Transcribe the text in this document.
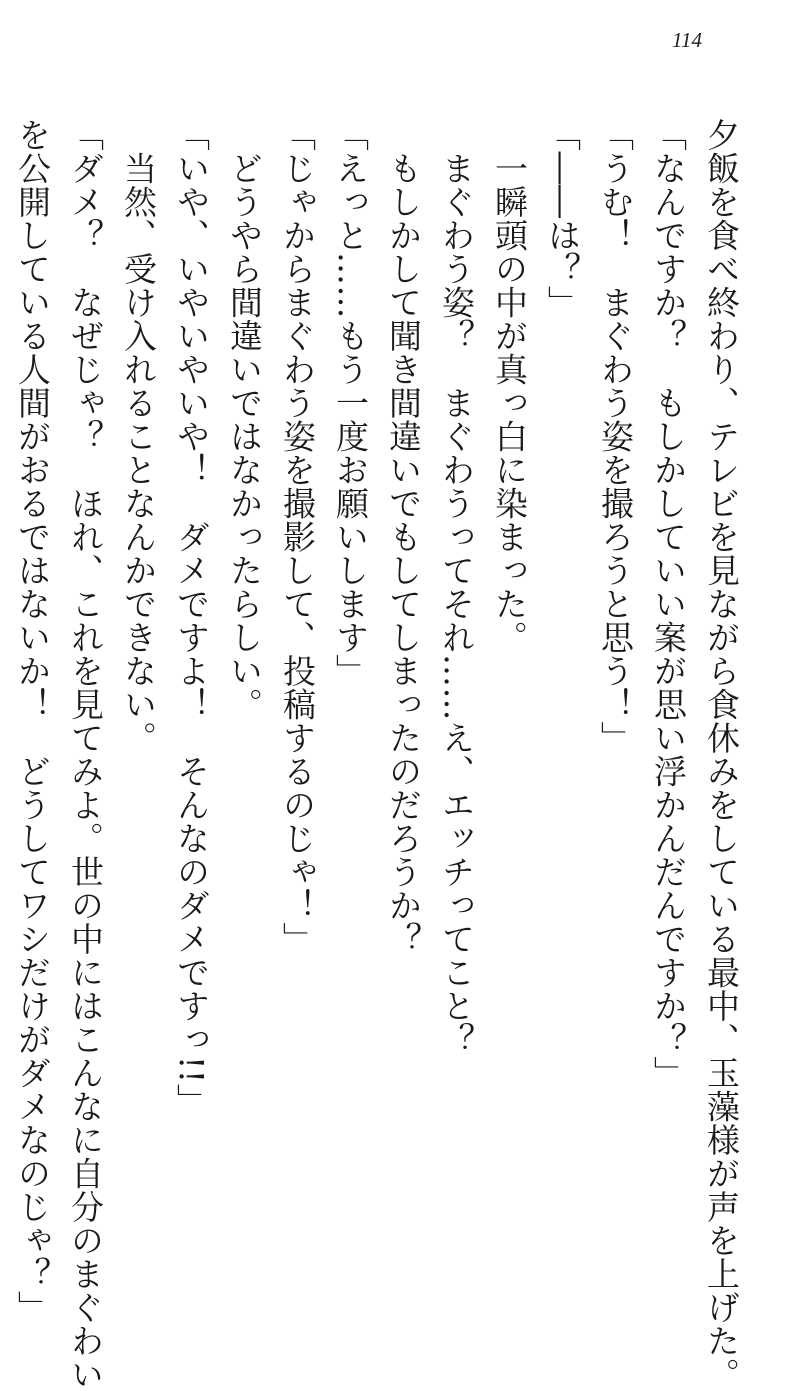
114
夕飯を食べ終わり、テレビを見ながら食休みをしている最中、玉藻様が声を上げた。
「なんですか？　もしかしていい案が思い浮かんだんですか？」
「うむ！　まぐわう姿を撮ろうと思う！」
「――は？」
　一瞬頭の中が真っ白に染まった。
　まぐわう姿？　まぐわうってそれ……え、エッチってこと？
　もしかして聞き間違いでもしてしまったのだろうか？
「えっと……もう一度お願いします」
「じゃからまぐわう姿を撮影して、投稿するのじゃ！」
　どうやら間違いではなかったらしい。
「いや、いやいやいや！　ダメですよ！　そんなのダメですっ!!」
　当然、受け入れることなんかできない。
「ダメ？　なぜじゃ？　ほれ、これを見てみよ。世の中にはこんなに自分のまぐわい
を公開している人間がおるではないか！　どうしてワシだけがダメなのじゃ？」
